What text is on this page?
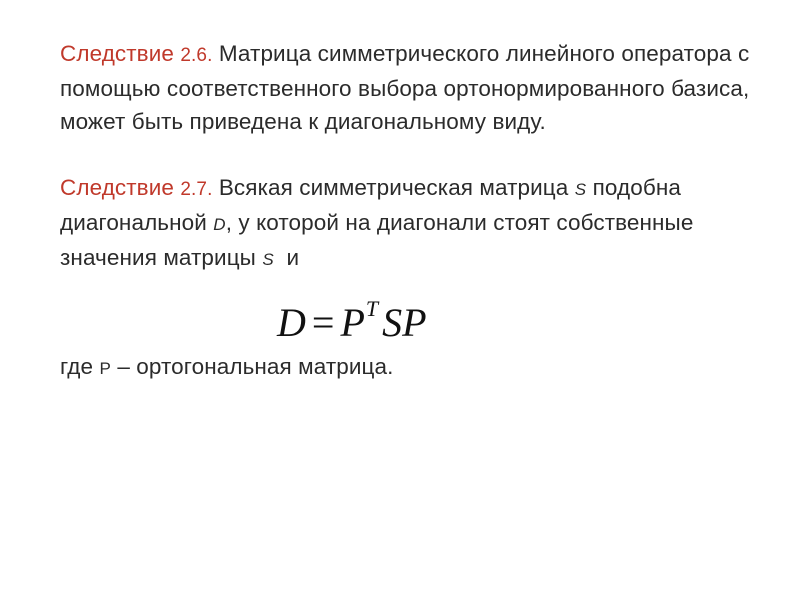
Следствие 2.6. Матрица симметрического линейного оператора с помощью соответственного выбора ортонормированного базиса, может быть приведена к диагональному виду.
Следствие 2.7. Всякая симметрическая матрица S подобна диагональной D, у которой на диагонали стоят собственные значения матрицы S и
$D = P^T$ SP
где P – ортогональная матрица.
